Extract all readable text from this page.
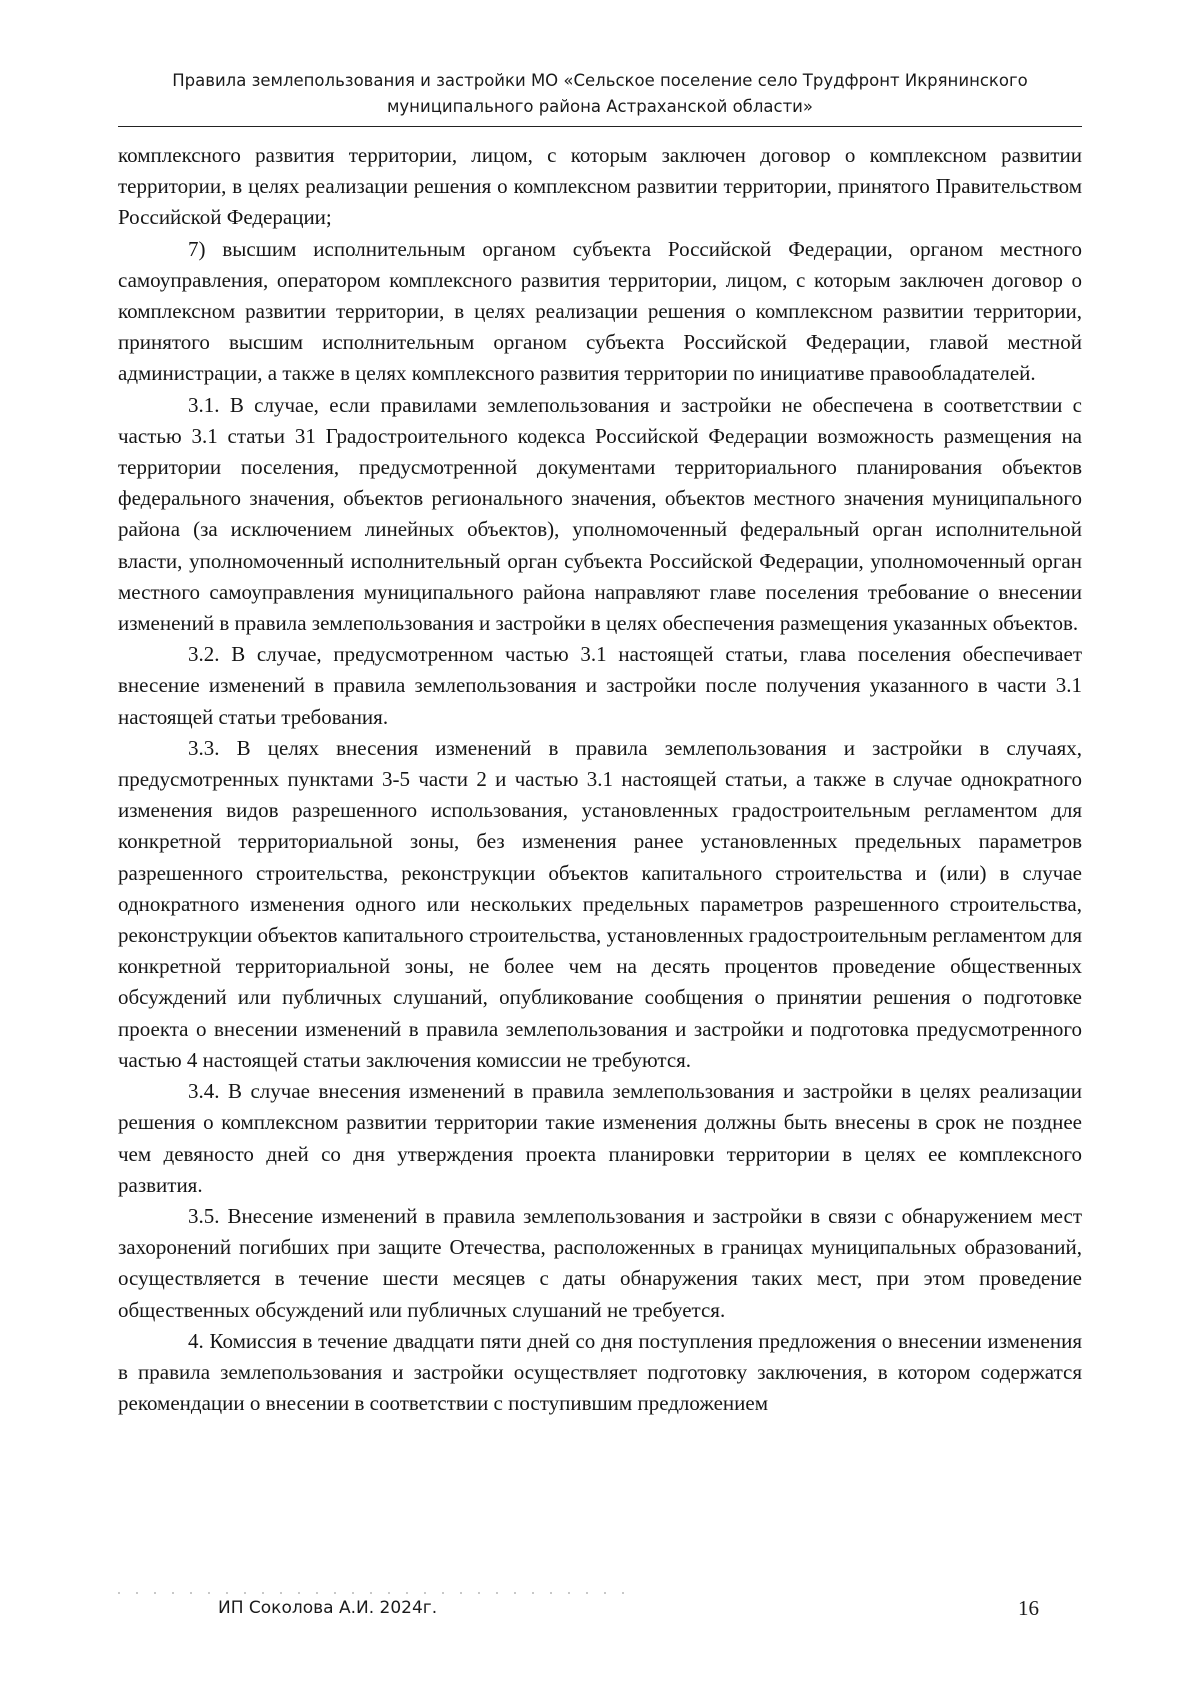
Правила землепользования и застройки МО «Сельское поселение село Трудфронт Икрянинского
муниципального района Астраханской области»

комплексного развития территории, лицом, с которым заключен договор о комплексном развитии территории, в целях реализации решения о комплексном развитии территории, принятого Правительством Российской Федерации;

7) высшим исполнительным органом субъекта Российской Федерации, органом местного самоуправления, оператором комплексного развития территории, лицом, с которым заключен договор о комплексном развитии территории, в целях реализации решения о комплексном развитии территории, принятого высшим исполнительным органом субъекта Российской Федерации, главой местной администрации, а также в целях комплексного развития территории по инициативе правообладателей.

3.1. В случае, если правилами землепользования и застройки не обеспечена в соответствии с частью 3.1 статьи 31 Градостроительного кодекса Российской Федерации возможность размещения на территории поселения, предусмотренной документами территориального планирования объектов федерального значения, объектов регионального значения, объектов местного значения муниципального района (за исключением линейных объектов), уполномоченный федеральный орган исполнительной власти, уполномоченный исполнительный орган субъекта Российской Федерации, уполномоченный орган местного самоуправления муниципального района направляют главе поселения требование о внесении изменений в правила землепользования и застройки в целях обеспечения размещения указанных объектов.

3.2. В случае, предусмотренном частью 3.1 настоящей статьи, глава поселения обеспечивает внесение изменений в правила землепользования и застройки после получения указанного в части 3.1 настоящей статьи требования.

3.3. В целях внесения изменений в правила землепользования и застройки в случаях, предусмотренных пунктами 3-5 части 2 и частью 3.1 настоящей статьи, а также в случае однократного изменения видов разрешенного использования, установленных градостроительным регламентом для конкретной территориальной зоны, без изменения ранее установленных предельных параметров разрешенного строительства, реконструкции объектов капитального строительства и (или) в случае однократного изменения одного или нескольких предельных параметров разрешенного строительства, реконструкции объектов капитального строительства, установленных градостроительным регламентом для конкретной территориальной зоны, не более чем на десять процентов проведение общественных обсуждений или публичных слушаний, опубликование сообщения о принятии решения о подготовке проекта о внесении изменений в правила землепользования и застройки и подготовка предусмотренного частью 4 настоящей статьи заключения комиссии не требуются.

3.4. В случае внесения изменений в правила землепользования и застройки в целях реализации решения о комплексном развитии территории такие изменения должны быть внесены в срок не позднее чем девяносто дней со дня утверждения проекта планировки территории в целях ее комплексного развития.

3.5. Внесение изменений в правила землепользования и застройки в связи с обнаружением мест захоронений погибших при защите Отечества, расположенных в границах муниципальных образований, осуществляется в течение шести месяцев с даты обнаружения таких мест, при этом проведение общественных обсуждений или публичных слушаний не требуется.

4. Комиссия в течение двадцати пяти дней со дня поступления предложения о внесении изменения в правила землепользования и застройки осуществляет подготовку заключения, в котором содержатся рекомендации о внесении в соответствии с поступившим предложением

ИП Соколова А.И. 2024г.	16
